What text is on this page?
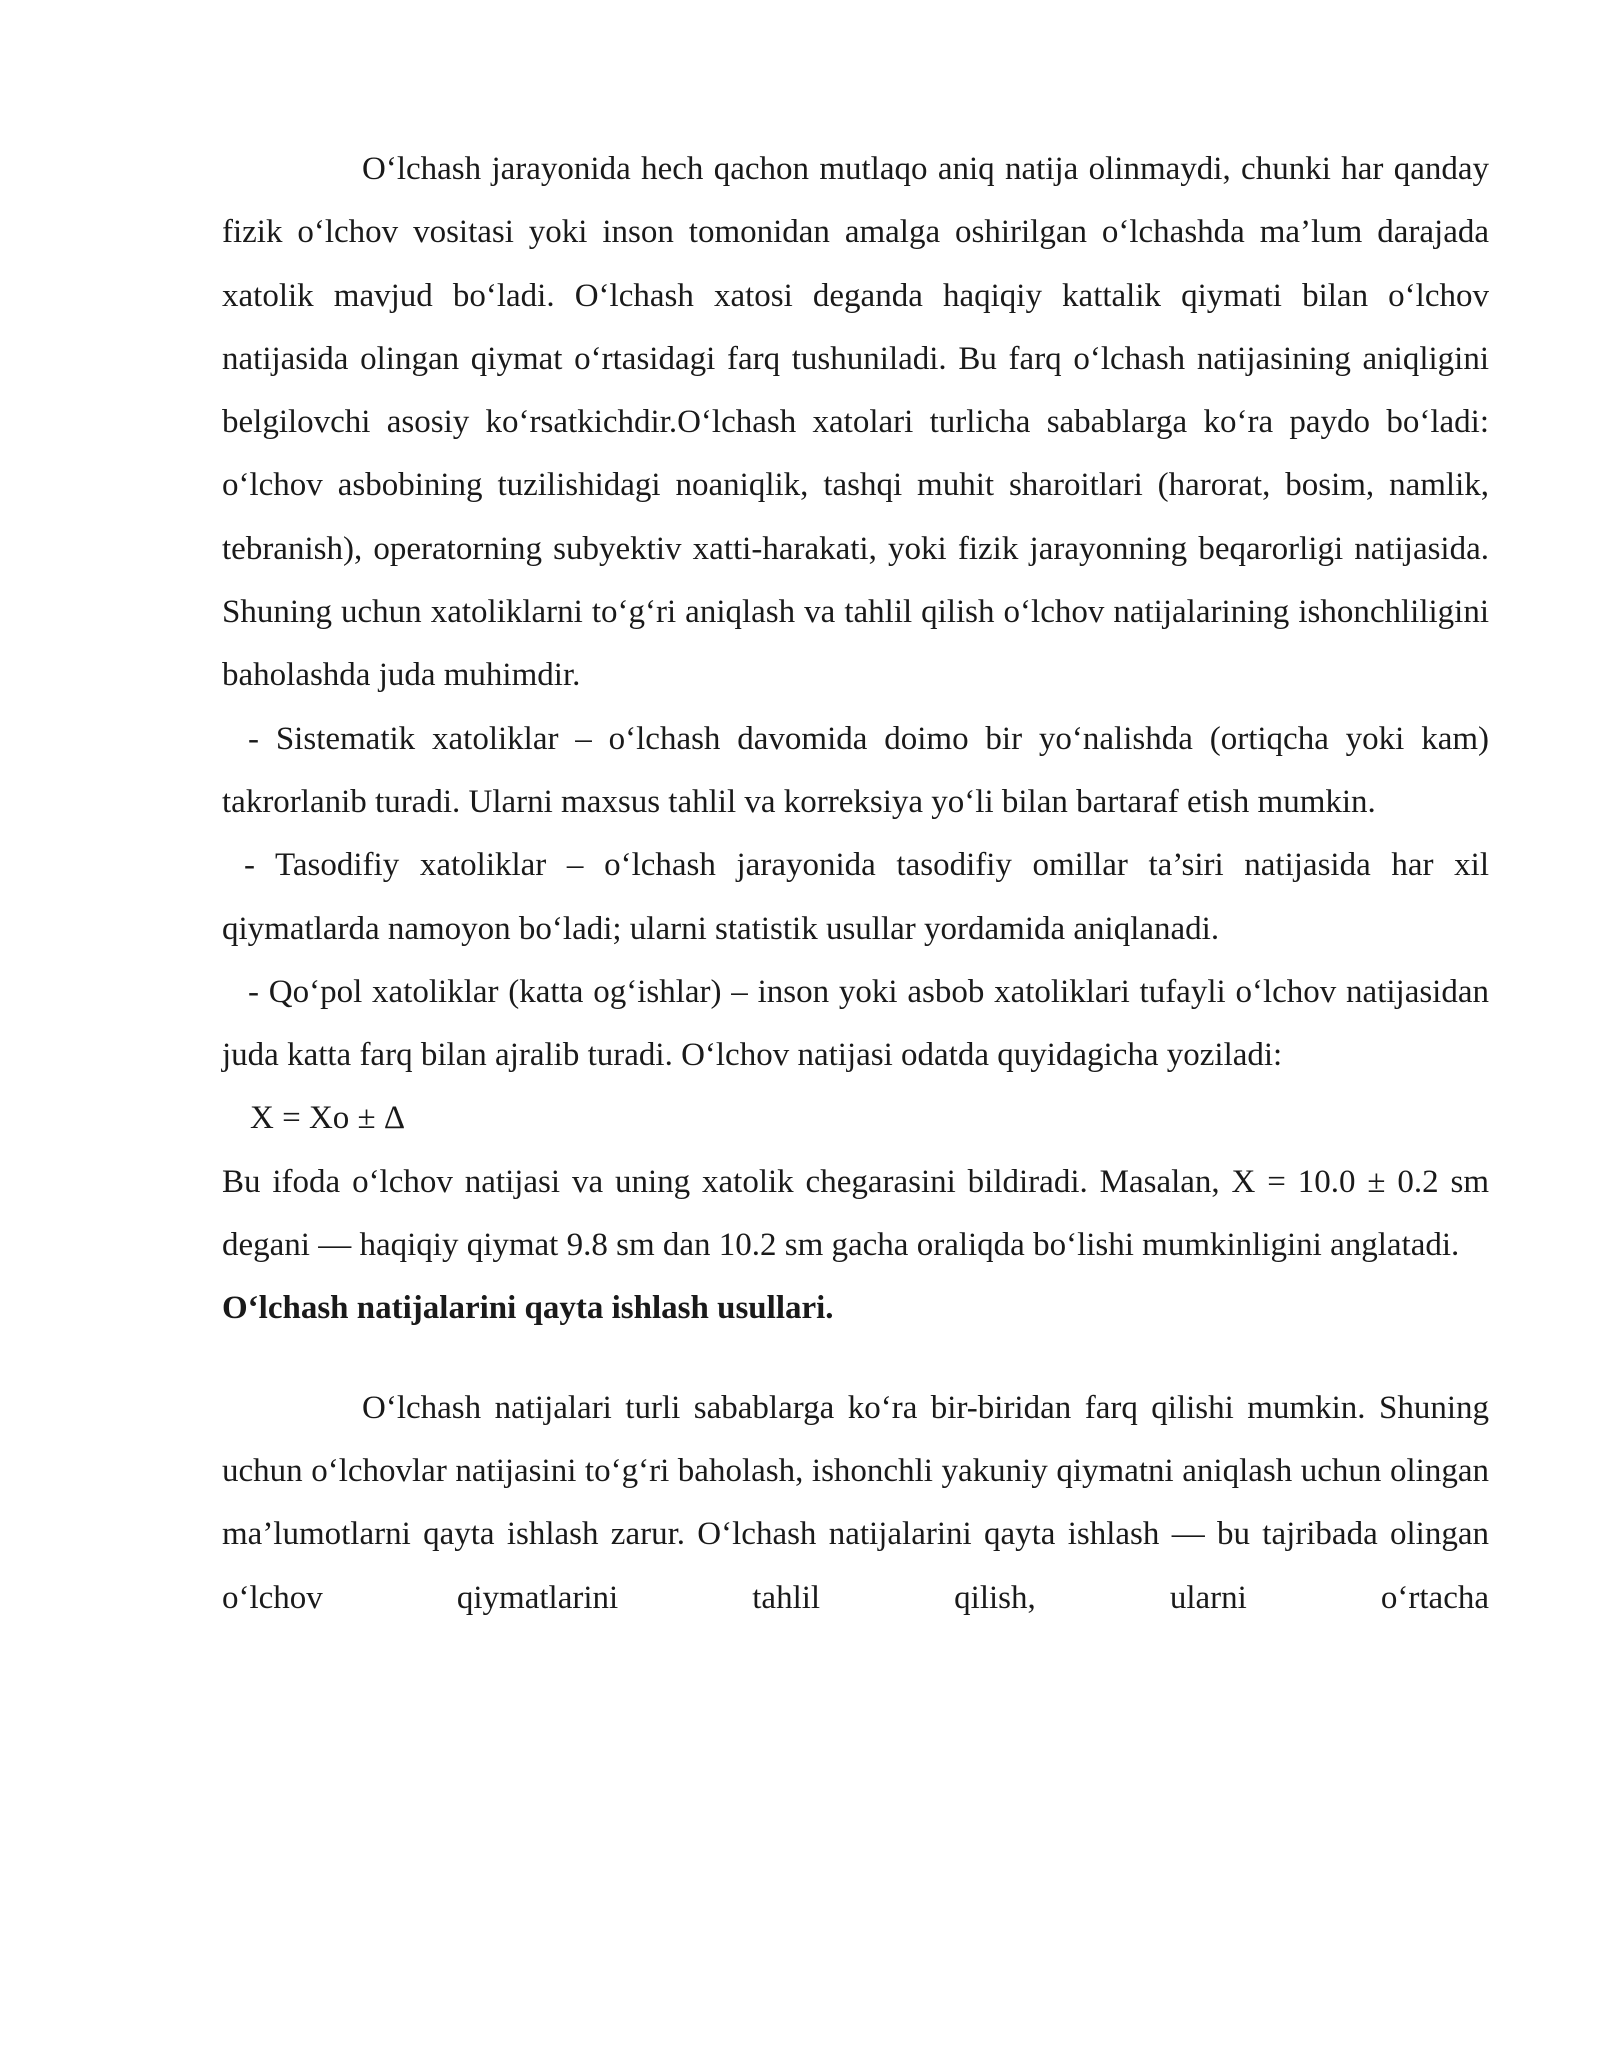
O‘lchash jarayonida hech qachon mutlaqo aniq natija olinmaydi, chunki har qanday fizik o‘lchov vositasi yoki inson tomonidan amalga oshirilgan o‘lchashda ma’lum darajada xatolik mavjud bo‘ladi. O‘lchash xatosi deganda haqiqiy kattalik qiymati bilan o‘lchov natijasida olingan qiymat o‘rtasidagi farq tushuniladi. Bu farq o‘lchash natijasining aniqligini belgilovchi asosiy ko‘rsatkichdir.O‘lchash xatolari turlicha sabablarga ko‘ra paydo bo‘ladi: o‘lchov asbobining tuzilishidagi noaniqlik, tashqi muhit sharoitlari (harorat, bosim, namlik, tebranish), operatorning subyektiv xatti-harakati, yoki fizik jarayonning beqarorligi natijasida. Shuning uchun xatoliklarni to‘g‘ri aniqlash va tahlil qilish o‘lchov natijalarining ishonchliligini baholashda juda muhimdir.

- Sistematik xatoliklar – o‘lchash davomida doimo bir yo‘nalishda (ortiqcha yoki kam) takrorlanib turadi. Ularni maxsus tahlil va korreksiya yo‘li bilan bartaraf etish mumkin.

- Tasodifiy xatoliklar – o‘lchash jarayonida tasodifiy omillar ta’siri natijasida har xil qiymatlarda namoyon bo‘ladi; ularni statistik usullar yordamida aniqlanadi.

- Qo‘pol xatoliklar (katta og‘ishlar) – inson yoki asbob xatoliklari tufayli o‘lchov natijasidan juda katta farq bilan ajralib turadi. O‘lchov natijasi odatda quyidagicha yoziladi:

X = Xo ± Δ

Bu ifoda o‘lchov natijasi va uning xatolik chegarasini bildiradi. Masalan, X = 10.0 ± 0.2 sm degani — haqiqiy qiymat 9.8 sm dan 10.2 sm gacha oraliqda bo‘lishi mumkinligini anglatadi.

O‘lchash natijalarini qayta ishlash usullari.

O‘lchash natijalari turli sabablarga ko‘ra bir-biridan farq qilishi mumkin. Shuning uchun o‘lchovlar natijasini to‘g‘ri baholash, ishonchli yakuniy qiymatni aniqlash uchun olingan ma’lumotlarni qayta ishlash zarur. O‘lchash natijalarini qayta ishlash — bu tajribada olingan o‘lchov qiymatlarini tahlil qilish, ularni o‘rtacha
